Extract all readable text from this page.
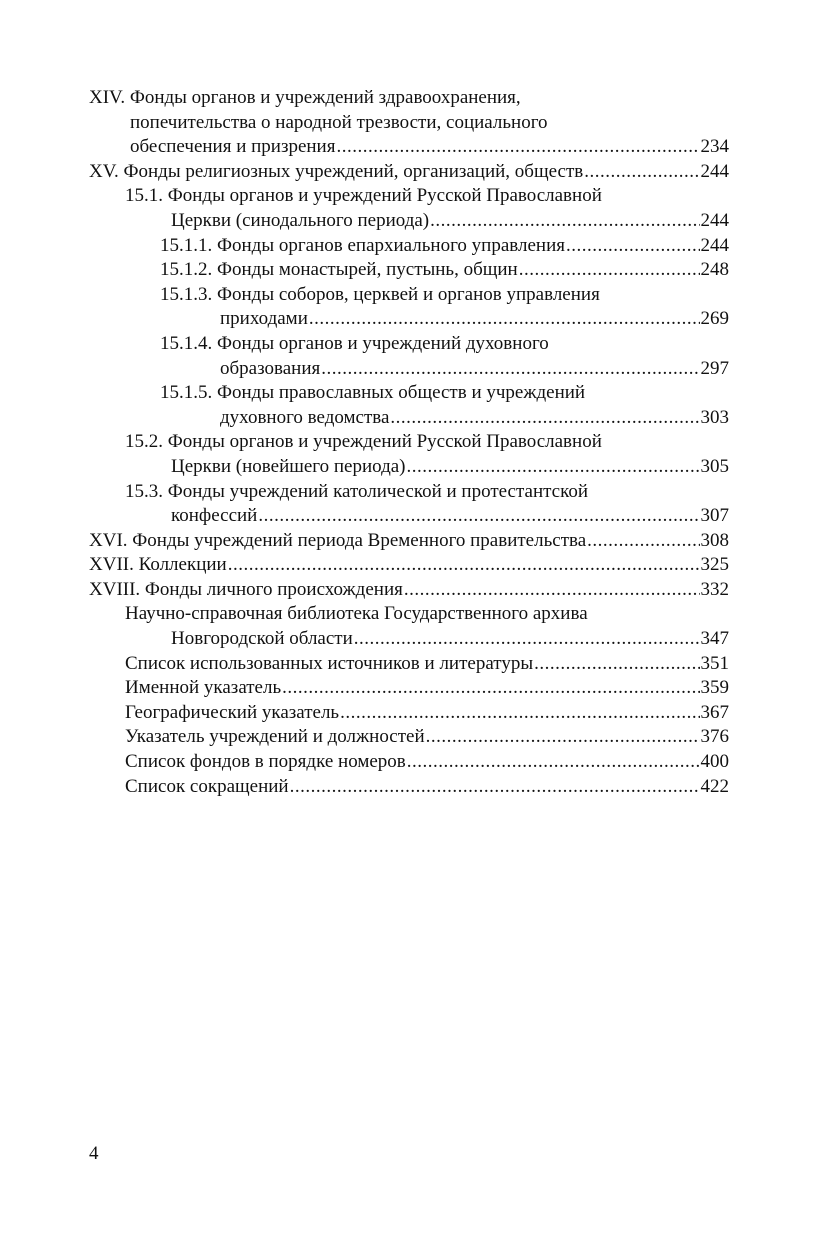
XIV. Фонды органов и учреждений здравоохранения,
попечительства о народной трезвости, социального
обеспечения и призрения .....	234
XV. Фонды религиозных учреждений, организаций, обществ .....	244
15.1. Фонды органов и учреждений Русской Православной
Церкви (синодального периода) .....	244
15.1.1. Фонды органов епархиального управления .....	244
15.1.2. Фонды монастырей, пустынь, общин .....	248
15.1.3. Фонды соборов, церквей и органов управления
приходами .....	269
15.1.4. Фонды органов и учреждений духовного
образования .....	297
15.1.5. Фонды православных обществ и учреждений
духовного ведомства .....	303
15.2. Фонды органов и учреждений Русской Православной
Церкви (новейшего периода) .....	305
15.3. Фонды учреждений католической и протестантской
конфессий .....	307
XVI. Фонды учреждений периода Временного правительства .....	308
XVII. Коллекции .....	325
XVIII. Фонды личного происхождения .....	332
Научно-справочная библиотека Государственного архива
Новгородской области .....	347
Список использованных источников и литературы .....	351
Именной указатель .....	359
Географический указатель .....	367
Указатель учреждений и должностей .....	376
Список фондов в порядке номеров .....	400
Список сокращений .....	422
4
